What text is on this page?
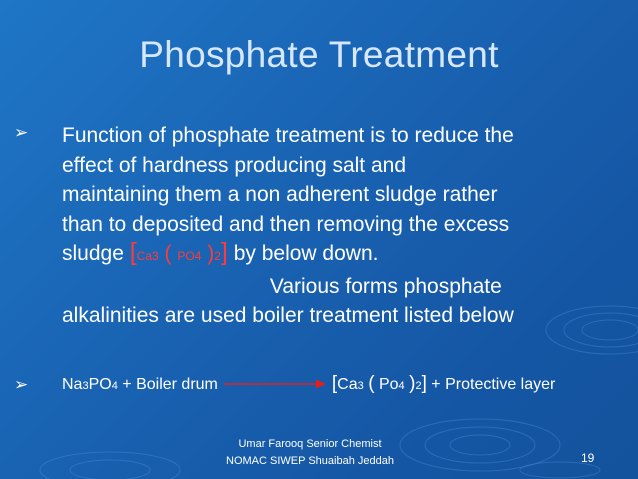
Phosphate Treatment
➢	Function of phosphate treatment is to reduce the
effect of hardness producing salt and
maintaining them a non adherent sludge rather
than to deposited and then removing the excess
sludge [Ca3 ( PO4 )2] by below down.
Various forms phosphate
alkalinities are used boiler treatment listed below
➢	Na3PO4 + Boiler drum	[Ca3 ( Po4 )2] + Protective layer
Umar Farooq Senior Chemist
NOMAC SIWEP Shuaibah Jeddah	19
